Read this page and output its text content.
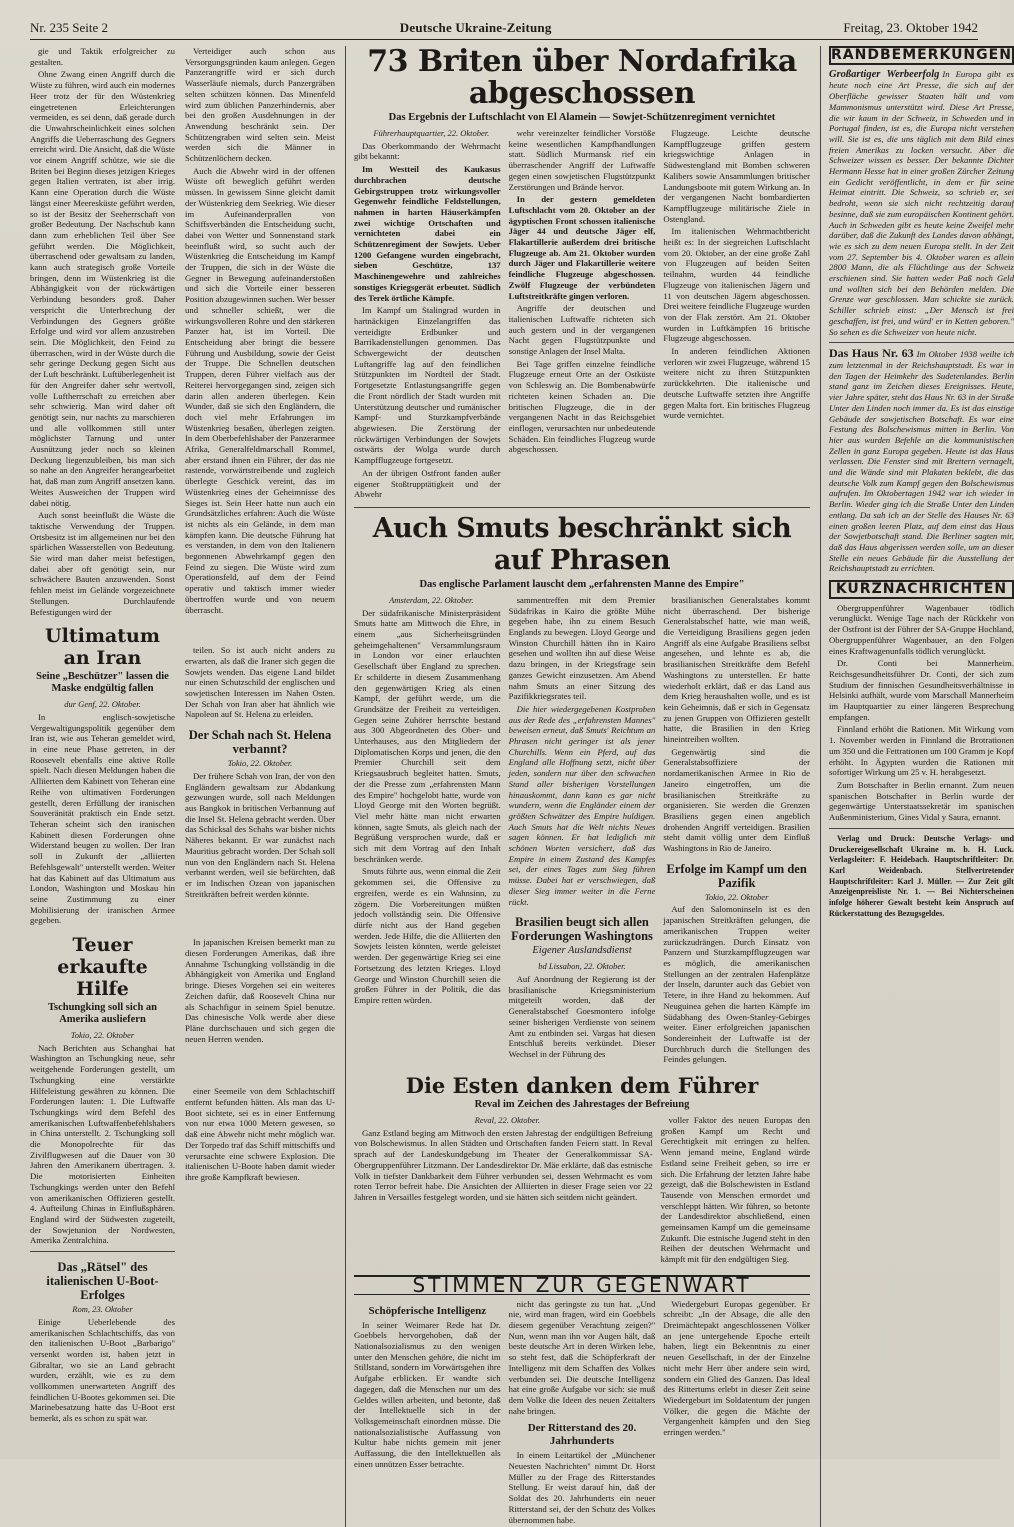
Nr. 235 Seite 2	Deutsche Ukraine-Zeitung	Freitag, 23. Oktober 1942

gie und Taktik erfolgreicher zu gestalten.

Ohne Zwang einen Angriff durch die Wüste zu führen, wird auch ein modernes Heer trotz der für den Wüstenkrieg eingetretenen Erleichterungen vermeiden, es sei denn, daß gerade durch die Unwahrscheinlichkeit eines solchen Angriffs die Ueberraschung des Gegners erreicht wird. Die Ansicht, daß die Wüste vor einem Angriff schütze, wie sie die Briten bei Beginn dieses jetzigen Krieges gegen Italien vertraten, ist aber irrig. Kann eine Operation durch die Wüste längst einer Meeresküste geführt werden, so ist der Besitz der Seeherrschaft von großer Bedeutung. Der Nachschub kann dann zum erheblichen Teil über See geführt werden. Die Möglichkeit, überraschend oder gewaltsam zu landen, kann auch strategisch große Vorteile bringen, denn im Wüstenkrieg ist die Abhängigkeit von der rückwärtigen Verbindung besonders groß. Daher verspricht die Unterbrechung der Verbindungen des Gegners größte Erfolge und wird vor allem anzustreben sein. Die Möglichkeit, den Feind zu überraschen, wird in der Wüste durch die sehr geringe Deckung gegen Sicht aus der Luft beschränkt. Luftüberlegenheit ist für den Angreifer daher sehr wertvoll, volle Luftherrschaft zu erreichen aber sehr schwierig. Man wird daher oft genötigt sein, nur nachts zu marschieren und alle vollkommen still unter möglichster Tarnung und unter Ausnützung jeder noch so kleinen Deckung liegenzubleiben, bis man sich so nahe an den Angreifer herangearbeitet hat, daß man zum Angriff ansetzen kann. Weites Ausweichen der Truppen wird dabei nötig.

Auch sonst beeinflußt die Wüste die taktische Verwendung der Truppen. Ortsbesitz ist im allgemeinen nur bei den spärlichen Wasserstellen von Bedeutung. Sie wird man daher meist befestigen, dabei aber oft genötigt sein, nur schwächere Bauten anzuwenden. Sonst fehlen meist im Gelände vorgezeichnete Stellungen. Durchlaufende Befestigungen wird der

Ultimatum an Iran
Seine „Beschützer" lassen die Maske endgültig fallen
dur Genf, 22. Oktober.

In englisch-sowjetische Vergewaltigungspolitik gegenüber dem Iran ist, wie aus Teheran gemeldet wird, in eine neue Phase getreten, in der Roosevelt ebenfalls eine aktive Rolle spielt. Nach diesen Meldungen haben die Alliierten dem Kabinett von Teheran eine Reihe von ultimativen Forderungen gestellt, deren Erfüllung der iranischen Souveränität praktisch ein Ende setzt. Teheran scheint sich den iranischen Kabinett diesen Forderungen ohne Widerstand beugen zu wollen. Der Iran soll in Zukunft der „alliierten Befehlsgewalt" unterstellt werden. Weiter hat das Kabinett auf das Ultimatum aus London, Washington und Moskau hin seine Zustimmung zu einer Mobilisierung der iranischen Armee gegeben.

Teuer erkaufte Hilfe
Tschungking soll sich an Amerika ausliefern
Tokio, 22. Oktober

Nach Berichten aus Schanghai hat Washington an Tschungking neue, sehr weitgehende Forderungen gestellt, um Tschungking eine verstärkte Hilfeleistung gewähren zu können. Die Forderungen lauten: 1. Die Luftwaffe Tschungkings wird dem Befehl des amerikanischen Luftwaffenbefehlshabers in China unterstellt. 2. Tschungking soll die Monopolrechte für das Zivilflugwesen auf die Dauer von 30 Jahren den Amerikanern übertragen. 3. Die motorisierten Einheiten Tschungkings werden unter den Befehl von amerikanischen Offizieren gestellt. 4. Aufteilung Chinas in Einflußsphären. England wird der Südwesten zugeteilt, der Sowjetunion der Nordwesten, Amerika Zentralchina.

Das „Rätsel" des italienischen U-Boot-Erfolges
Rom, 23. Oktober

Einige Ueberlebende des amerikanischen Schlachtschiffs, das von den italienischen U-Boot „Barbarigo" versenkt worden ist, haben jetzt in Gibraltar, wo sie an Land gebracht wurden, erzählt, wie es zu dem vollkommen unerwarteten Angriff des feindlichen U-Bootes gekommen sei. Die Marinebesatzung hatte das U-Boot erst bemerkt, als es schon zu spät war.

Verteidiger auch schon aus Versorgungsgründen kaum anlegen. Gegen Panzerangriffe wird er sich durch Wasserläufe niemals, durch Panzergräben selten schützen können. Das Minenfeld wird zum üblichen Panzerhindernis, aber bei den großen Ausdehnungen in der Anwendung beschränkt sein. Der Schützengraben wird selten sein. Meist werden sich die Männer in Schützenlöchern decken.

Auch die Abwehr wird in der offenen Wüste oft beweglich geführt werden müssen. In gewissem Sinne gleicht damit der Wüstenkrieg dem Seekrieg. Wie dieser im Aufeinanderprallen von Schiffsverbänden die Entscheidung sucht, dabei von Wetter und Sonnenstand stark beeinflußt wird, so sucht auch der Wüstenkrieg die Entscheidung im Kampf der Truppen, die sich in der Wüste die Gegner in Bewegung aufeinanderstoßen und sich die Vorteile einer besseren Position abzugewinnen suchen. Wer besser und schneller schießt, wer die wirkungsvolleren Rohre und den stärkeren Panzer hat, ist im Vorteil. Die Entscheidung aber bringt die bessere Führung und Ausbildung, sowie der Geist der Truppe. Die Schnellen deutschen Truppen, deren Führer vielfach aus der Reiterei hervorgegangen sind, zeigen sich darin allen anderen überlegen. Kein Wunder, daß sie sich den Engländern, die doch viel mehr Erfahrungen im Wüstenkrieg besaßen, überlegen zeigten. In dem Oberbefehlshaber der Panzerarmee Afrika, Generalfeldmarschall Rommel, aber erstand ihnen ein Führer, der das nie rastende, vorwärtstreibende und zugleich überlegte Geschick vereint, das im Wüstenkrieg eines der Geheimnisse des Sieges ist. Sein Heer hatte nun auch ein Grundsätzliches erfahren: Auch die Wüste ist nichts als ein Gelände, in dem man kämpfen kann. Die deutsche Führung hat es verstanden, in dem von den Italienern begonnenen Abwehrkampf gegen den Feind zu siegen. Die Wüste wird zum Operationsfeld, auf dem der Feind operativ und taktisch immer wieder übertroffen wurde und von neuem überrascht.

teilen. So ist auch nicht anders zu erwarten, als daß die Iraner sich gegen die Sowjets wenden. Das eigene Land bildet nur einen Schutzschild der englischen und sowjetischen Interessen im Nahen Osten. Der Schah von Iran aber hat ähnlich wie Napoleon auf St. Helena zu erleiden.

Der Schah nach St. Helena verbannt?
Tokio, 22. Oktober.

Der frühere Schah von Iran, der von den Engländern gewaltsam zur Abdankung gezwungen wurde, soll nach Meldungen aus Bangkok in britischen Verbannung auf die Insel St. Helena gebracht werden. Über das Schicksal des Schahs war bisher nichts Näheres bekannt. Er war zunächst nach Mauritius gebracht worden. Der Schah soll nun von den Engländern nach St. Helena verbannt werden, weil sie befürchten, daß er im Indischen Ozean von japanischen Streitkräften befreit werden könnte.

In japanischen Kreisen bemerkt man zu diesen Forderungen Amerikas, daß ihre Annahme Tschungking vollständig in die Abhängigkeit von Amerika und England bringe. Dieses Vorgehen sei ein weiteres Zeichen dafür, daß Roosevelt China nur als Schachfigur in seinem Spiel benutze. Das chinesische Volk werde aber diese Pläne durchschauen und sich gegen die neuen Herren wenden.

einer Seemeile von dem Schlachtschiff entfernt befunden hätten. Als man das U-Boot sichtete, sei es in einer Entfernung von nur etwa 1000 Metern gewesen, so daß eine Abwehr nicht mehr möglich war. Der Torpedo traf das Schiff mittschiffs und verursachte eine schwere Explosion. Die italienischen U-Boote haben damit wieder ihre große Kampfkraft bewiesen.

73 Briten über Nordafrika abgeschossen
Das Ergebnis der Luftschlacht von El Alamein — Sowjet-Schützenregiment vernichtet

Führerhauptquartier, 22. Oktober.

Das Oberkommando der Wehrmacht gibt bekannt:

Im Westteil des Kaukasus durchbrachen deutsche Gebirgstruppen trotz wirkungsvoller Gegenwehr feindliche Feldstellungen, nahmen in harten Häuserkämpfen zwei wichtige Ortschaften und vernichteten dabei ein Schützenregiment der Sowjets. Ueber 1200 Gefangene wurden eingebracht, sieben Geschütze, 137 Maschinengewehre und zahlreiches sonstiges Kriegsgerät erbeutet. Südlich des Terek örtliche Kämpfe.

Im Kampf um Stalingrad wurden in hartnäckigen Einzelangriffen das verteidigte Erdbunker und Barrikadenstellungen genommen. Das Schwergewicht der deutschen Luftangriffe lag auf den feindlichen Stützpunkten im Nordteil der Stadt. Fortgesetzte Entlastungsangriffe gegen die Front nördlich der Stadt wurden mit Unterstützung deutscher und rumänischer Kampf- und Sturzkampfverbände abgewiesen. Die Zerstörung der rückwärtigen Verbindungen der Sowjets ostwärts der Wolga wurde durch Kampfflugzeuge fortgesetzt.

An der übrigen Ostfront fanden außer eigener Stoßtrupptätigkeit und der Abwehr

wehr vereinzelter feindlicher Vorstöße keine wesentlichen Kampfhandlungen statt. Südlich Murmansk rief ein überraschender Angriff der Luftwaffe gegen einen sowjetischen Flugstützpunkt Zerstörungen und Brände hervor.

In der gestern gemeldeten Luftschlacht vom 20. Oktober an der ägyptischen Front schossen italienische Jäger 44 und deutsche Jäger elf, Flakartillerie außerdem drei britische Flugzeuge ab. Am 21. Oktober wurden durch Jäger und Flakartillerie weitere feindliche Flugzeuge abgeschossen. Zwölf Flugzeuge der verbündeten Luftstreitkräfte gingen verloren.

Angriffe der deutschen und italienischen Luftwaffe richteten sich auch gestern und in der vergangenen Nacht gegen Flugstützpunkte und sonstige Anlagen der Insel Malta.

Bei Tage griffen einzelne feindliche Flugzeuge erneut Orte an der Ostküste von Schleswig an. Die Bombenabwürfe richteten keinen Schaden an. Die britischen Flugzeuge, die in der vergangenen Nacht in das Reichsgebiet einflogen, verursachten nur unbedeutende Schäden. Ein feindliches Flugzeug wurde abgeschossen.

Flugzeuge. Leichte deutsche Kampfflugzeuge griffen gestern kriegswichtige Anlagen in Südwestengland mit Bomben schweren Kalibers sowie Ansammlungen britischer Landungsboote mit gutem Wirkung an. In der vergangenen Nacht bombardierten Kampfflugzeuge militärische Ziele in Ostengland.

Im italienischen Wehrmachtbericht heißt es: In der siegreichen Luftschlacht vom 20. Oktober, an der eine große Zahl von Flugzeugen auf beiden Seiten teilnahm, wurden 44 feindliche Flugzeuge von italienischen Jägern und 11 von deutschen Jägern abgeschossen. Drei weitere feindliche Flugzeuge wurden von der Flak zerstört. Am 21. Oktober wurden in Luftkämpfen 16 britische Flugzeuge abgeschossen.

In anderen feindlichen Aktionen verloren wir zwei Flugzeuge, während 15 weitere nicht zu ihren Stützpunkten zurückkehrten. Die italienische und deutsche Luftwaffe setzten ihre Angriffe gegen Malta fort. Ein britisches Flugzeug wurde vernichtet.

Auch Smuts beschränkt sich auf Phrasen
Das englische Parlament lauscht dem „erfahrensten Manne des Empire"

Amsterdam, 22. Oktober.

Der südafrikanische Ministerpräsident Smuts hatte am Mittwoch die Ehre, in einem „aus Sicherheitsgründen geheimgehaltenen" Versammlungsraum in London vor einer erlauchten Gesellschaft über England zu sprechen. Er schilderte in diesem Zusammenhang den gegenwärtigen Krieg als einen Kampf, der geführt werde, um die Grundsätze der Freiheit zu verteidigen. Gegen seine Zuhörer herrschte bestand aus 300 Abgeordneten des Ober- und Unterhauses, aus den Mitgliedern der Diplomatischen Korps und jenen, die den Premier Churchill seit dem Kriegsausbruch begleitet hatten. Smuts, der die Presse zum „erfahrensten Mann des Empire" hochgelobt hatte, wurde von Lloyd George mit den Worten begrüßt. Viel mehr hätte man nicht erwarten können, sagte Smuts, als gleich nach der Begrüßung versprochen wurde, daß er sich mit dem Vortrag auf den Inhalt beschränken werde.

Smuts führte aus, wenn einmal die Zeit gekommen sei, die Offensive zu ergreifen, werde es ein Wahnsinn, zu zögern. Die Vorbereitungen müßten jedoch vollständig sein. Die Offensive dürfe nicht aus der Hand gegeben werden. Jede Hilfe, die die Alliierten den Sowjets leisten könnten, werde geleistet werden. Der gegenwärtige Krieg sei eine Fortsetzung des letzten Krieges. Lloyd George und Winston Churchill seien die großen Führer in der Politik, die das Empire retten würden.

sammentreffen mit dem Premier Südafrikas in Kairo die größte Mühe gegeben habe, ihn zu einem Besuch Englands zu bewegen. Lloyd George und Winston Churchill hätten ihn in Kairo gesehen und wollten ihn auf diese Weise dazu bringen, in der Kriegsfrage sein ganzes Gewicht einzusetzen. Am Abend nahm Smuts an einer Sitzung des Pazifikkriegsrates teil.

Die hier wiedergegebenen Kostproben aus der Rede des „erfahrensten Mannes" beweisen erneut, daß Smuts' Reichtum an Phrasen nicht geringer ist als jener Churchills. Wenn ein Pferd, auf das England alle Hoffnung setzt, nicht über jeden, sondern nur über den schwachen Stand aller bisherigen Vorstellungen hinauskommt, dann kann es gar nicht wundern, wenn die Engländer einem der größten Schwätzer des Empire huldigen. Auch Smuts hat die Welt nichts Neues sagen können. Er hat lediglich mit schönen Worten versichert, daß das Empire in einem Zustand des Kampfes sei, der eines Tages zum Sieg führen müsse. Dabei hat er verschwiegen, daß dieser Sieg immer weiter in die Ferne rückt.

Brasilien beugt sich allen Forderungen Washingtons
Eigener Auslandsdienst
bd Lissabon, 22. Oktober.

Auf Anordnung der Regierung ist der brasilianische Kriegsministerium mitgeteilt worden, daß der Generalstabschef Goesmontero infolge seiner bisherigen Verdienste von seinem Amt zu entbinden sei. Vargas hat diesen Entschluß bereits verkündet. Dieser Wechsel in der Führung des

brasilianischen Generalstabes kommt nicht überraschend. Der bisherige Generalstabschef hatte, wie man weiß, die Verteidigung Brasiliens gegen jeden Angriff als eine Aufgabe Brasiliens selbst angesehen, und lehnte es ab, die brasilianischen Streitkräfte dem Befehl Washingtons zu unterstellen. Er hatte wiederholt erklärt, daß er das Land aus dem Krieg heraushalten wolle, und es ist kein Geheimnis, daß er sich in Gegensatz zu jenen Gruppen von Offizieren gestellt hatte, die Brasilien in den Krieg hineintreiben wollten.

Gegenwärtig sind die Generalstabsoffiziere der nordamerikanischen Armee in Rio de Janeiro eingetroffen, um die brasilianischen Streitkräfte zu organisieren. Sie werden die Grenzen Brasiliens gegen einen angeblich drohenden Angriff verteidigen. Brasilien steht damit völlig unter dem Einfluß Washingtons in Rio de Janeiro.

Erfolge im Kampf um den Pazifik
Tokio, 22. Oktober

Auf den Salomoninseln ist es den japanischen Streitkräften gelungen, die amerikanischen Truppen weiter zurückzudrängen. Durch Einsatz von Panzern und Sturzkampfflugzeugen war es möglich, die amerikanischen Stellungen an der zentralen Hafenplätze der Inseln, darunter auch das Gebiet von Tetere, in ihre Hand zu bekommen. Auf Neuguinea gehen die harten Kämpfe im Südabhang des Owen-Stanley-Gebirges weiter. Einer erfolgreichen japanischen Sondereinheit der Luftwaffe ist der Durchbruch durch die Stellungen des Feindes gelungen.

Die Esten danken dem Führer
Reval im Zeichen des Jahrestages der Befreiung

Reval, 22. Oktober.

Ganz Estland beging am Mittwoch den ersten Jahrestag der endgültigen Befreiung von Bolschewismus. In allen Städten und Ortschaften fanden Feiern statt. In Reval sprach auf der Landeskundgebung im Theater der Generalkommissar SA-Obergruppenführer Litzmann. Der Landesdirektor Dr. Mäe erklärte, daß das estnische Volk in tiefster Dankbarkeit dem Führer verbunden sei, dessen Wehrmacht es vom roten Terror befreit habe. Die Ansichten der Alliierten in dieser Frage seien vor 22 Jahren in Versailles festgelegt worden, und sie hätten sich seitdem nicht geändert.

voller Faktor des neuen Europas den großen Kampf um Recht und Gerechtigkeit mit erringen zu helfen. Wenn jemand meine, England würde Estland seine Freiheit geben, so irre er sich. Die Erfahrung der letzten Jahre habe gezeigt, daß die Bolschewisten in Estland Tausende von Menschen ermordet und verschleppt hätten. Wir führen, so betonte der Landesdirektor abschließend, einen gemeinsamen Kampf um die gemeinsame Zukunft. Die estnische Jugend steht in den Reihen der deutschen Wehrmacht und kämpft mit für den endgültigen Sieg.

STIMMEN ZUR GEGENWART
Schöpferische Intelligenz

In seiner Weimarer Rede hat Dr. Goebbels hervorgehoben, daß der Nationalsozialismus zu den wenigen unter den Menschen gehöre, die nicht im Stillstand, sondern im Vorwärtsgehen ihre Aufgabe erblicken. Er wandte sich dagegen, daß die Menschen nur um des Geldes willen arbeiten, und betonte, daß der Intellektuelle sich in der Volksgemeinschaft einordnen müsse. Die nationalsozialistische Auffassung von Kultur habe nichts gemein mit jener Auffassung, die den Intellektuellen als einen unnützen Esser betrachte.

nicht das geringste zu tun hat. „Und nie, wird man fragen, wird ein Goebbels diesem gegenüber Verachtung zeigen?" Nun, wenn man ihn vor Augen hält, daß beste deutsche Art in deren Wirken lebe, so steht fest, daß die Schöpferkraft der Intelligenz mit dem Schaffen des Volkes verbunden sei. Die deutsche Intelligenz hat eine große Aufgabe vor sich: sie muß dem Volke die Ideen des neuen Zeitalters nahe bringen.

Der Ritterstand des 20. Jahrhunderts

In einem Leitartikel der „Münchener Neuesten Nachrichten" nimmt Dr. Horst Müller zu der Frage des Ritterstandes Stellung. Er weist darauf hin, daß der Soldat des 20. Jahrhunderts ein neuer Ritterstand sei, der den Schutz des Volkes übernommen habe.

Wiedergeburt Europas gegenüber. Er schreibt: „In der Absage, die alle den Dreimächtepakt angeschlossenen Völker an jene untergehende Epoche erteilt haben, liegt ein Bekenntnis zu einer neuen Gesellschaft, in der der Einzelne nicht mehr Herr über andere sein wird, sondern ein Glied des Ganzen. Das Ideal des Rittertums erlebt in dieser Zeit seine Wiedergeburt im Soldatentum der jungen Völker, die gegen die Mächte der Vergangenheit kämpfen und den Sieg erringen werden."

RANDBEMERKUNGEN

Großartiger Werbeerfolg In Europa gibt es heute noch eine Art Presse, die sich auf der Oberfläche gewisser Staaten hält und vom Mammonismus unterstützt wird. Diese Art Presse, die wir kaum in der Schweiz, in Schweden und in Portugal finden, ist es, die Europa nicht verstehen will. Sie ist es, die uns täglich mit dem Bild eines freien Amerikas zu locken versucht. Aber die Schweizer wissen es besser. Der bekannte Dichter Hermann Hesse hat in einer großen Zürcher Zeitung ein Gedicht veröffentlicht, in dem er für seine Heimat eintritt. Die Schweiz, so schrieb er, sei bedroht, wenn sie sich nicht rechtzeitig darauf besinne, daß sie zum europäischen Kontinent gehört. Auch in Schweden gibt es heute keine Zweifel mehr darüber, daß die Zukunft des Landes davon abhängt, wie es sich zu dem neuen Europa stellt. In der Zeit vom 27. September bis 4. Oktober waren es allein 2800 Mann, die als Flüchtlinge aus der Schweiz erschienen sind. Sie hatten weder Paß noch Geld und wollten sich bei den Behörden melden. Die Grenze war geschlossen. Man schickte sie zurück. Schiller schrieb einst: „Der Mensch ist frei geschaffen, ist frei, und würd' er in Ketten geboren." So sehen es die Schweizer von heute nicht.

Das Haus Nr. 63 Im Oktober 1938 weilte ich zum letztenmal in der Reichshauptstadt. Es war in den Tagen der Heimkehr des Sudetenlandes. Berlin stand ganz im Zeichen dieses Ereignisses. Heute, vier Jahre später, steht das Haus Nr. 63 in der Straße Unter den Linden noch immer da. Es ist das einstige Gebäude der sowjetischen Botschaft. Es war eine Festung des Bolschewismus mitten in Berlin. Von hier aus wurden Befehle an die kommunistischen Zellen in ganz Europa gegeben. Heute ist das Haus verlassen. Die Fenster sind mit Brettern vernagelt, und die Wände sind mit Plakaten beklebt, die das deutsche Volk zum Kampf gegen den Bolschewismus aufrufen. Im Oktobertagen 1942 war ich wieder in Berlin. Wieder ging ich die Straße Unter den Linden entlang. Da sah ich an der Stelle des Hauses Nr. 63 einen großen leeren Platz, auf dem einst das Haus der Sowjetbotschaft stand. Die Berliner sagten mir, daß das Haus abgerissen werden solle, um an dieser Stelle ein neues Gebäude für die Ausstellung der Reichshauptstadt zu errichten.

KURZNACHRICHTEN

Obergruppenführer Wagenbauer tödlich verunglückt. Wenige Tage nach der Rückkehr von der Ostfront ist der Führer der SA-Gruppe Hochland, Obergruppenführer Wagenbauer, an den Folgen eines Kraftwagenunfalls tödlich verunglückt.

Dr. Conti bei Mannerheim. Reichsgesundheitsführer Dr. Conti, der sich zum Studium der finnischen Gesundheitsverhältnisse in Helsinki aufhält, wurde vom Marschall Mannerheim im Hauptquartier zu einer längeren Besprechung empfangen.

Finnland erhöht die Rationen. Mit Wirkung vom 1. November werden in Finnland die Brotrationen um 350 und die Fettrationen um 100 Gramm je Kopf erhöht. In Ägypten wurden die Rationen mit sofortiger Wirkung um 25 v. H. herabgesetzt.

Zum Botschafter in Berlin ernannt. Zum neuen spanischen Botschafter in Berlin wurde der gegenwärtige Unterstaatssekretär im spanischen Außenministerium, Gines Vidal y Saura, ernannt.

Verlag und Druck: Deutsche Verlags- und Druckereigesellschaft Ukraine m. b. H. Luck. Verlagsleiter: F. Heidebach. Hauptschriftleiter: Dr. Karl Weidenbach. Stellvertretender Hauptschriftleiter: Karl J. Müller. — Zur Zeit gilt Anzeigenpreisliste Nr. 1. — Bei Nichterscheinen infolge höherer Gewalt besteht kein Anspruch auf Rückerstattung des Bezugsgeldes.
